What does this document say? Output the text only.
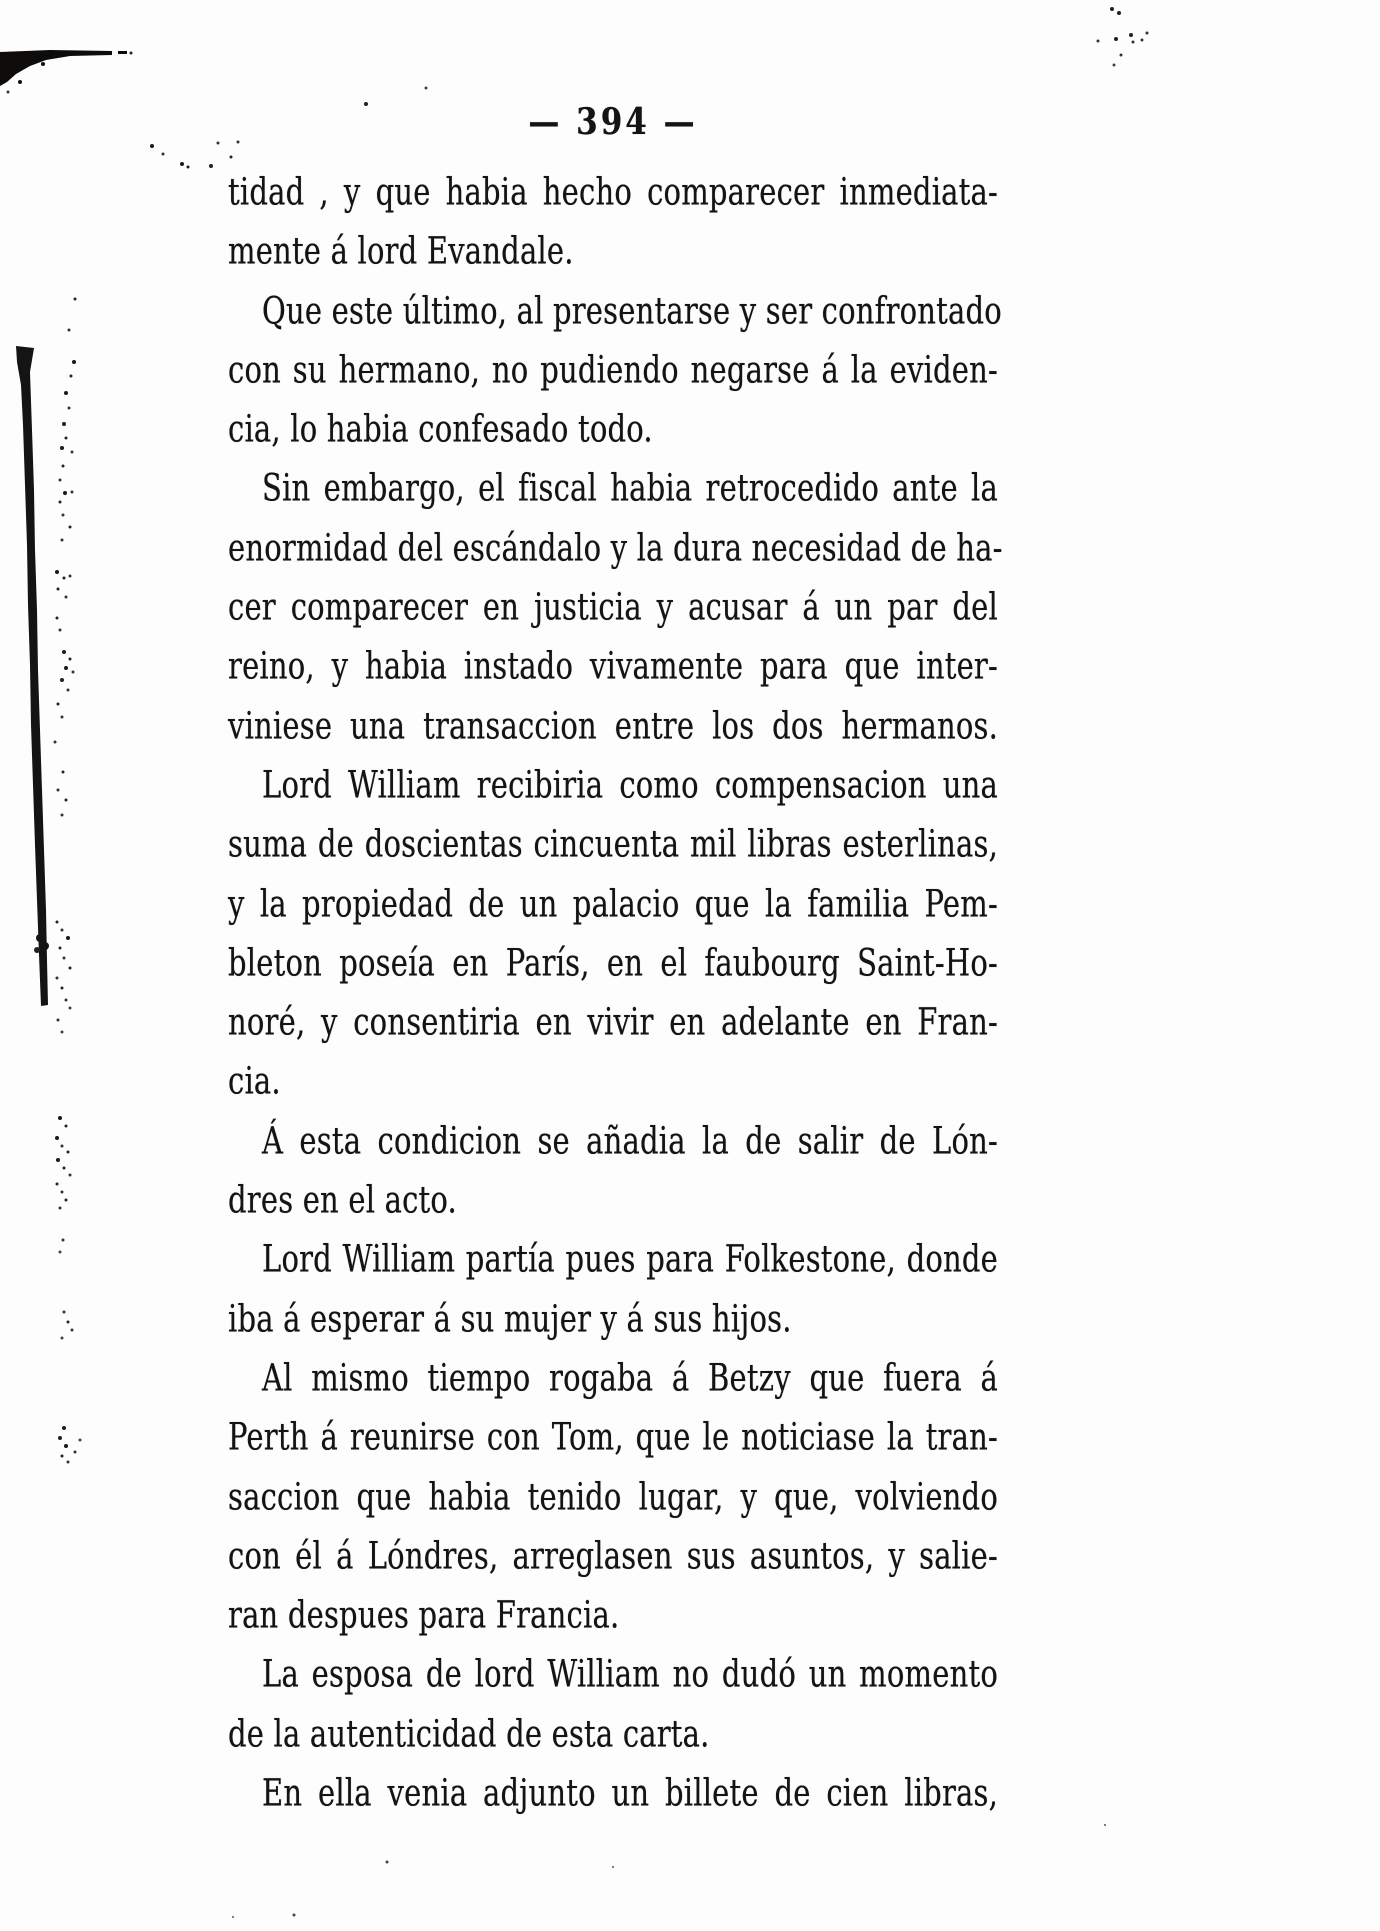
— 394 —
tidad , y que habia hecho comparecer inmediata-
mente á lord Evandale.
Que este último, al presentarse y ser confrontado
con su hermano, no pudiendo negarse á la eviden-
cia, lo habia confesado todo.
Sin embargo, el fiscal habia retrocedido ante la
enormidad del escándalo y la dura necesidad de ha-
cer comparecer en justicia y acusar á un par del
reino, y habia instado vivamente para que inter-
viniese una transaccion entre los dos hermanos.
Lord William recibiria como compensacion una
suma de doscientas cincuenta mil libras esterlinas,
y la propiedad de un palacio que la familia Pem-
bleton poseía en París, en el faubourg Saint-Ho-
noré, y consentiria en vivir en adelante en Fran-
cia.
Á esta condicion se añadia la de salir de Lón-
dres en el acto.
Lord William partía pues para Folkestone, donde
iba á esperar á su mujer y á sus hijos.
Al mismo tiempo rogaba á Betzy que fuera á
Perth á reunirse con Tom, que le noticiase la tran-
saccion que habia tenido lugar, y que, volviendo
con él á Lóndres, arreglasen sus asuntos, y salie-
ran despues para Francia.
La esposa de lord William no dudó un momento
de la autenticidad de esta carta.
En ella venia adjunto un billete de cien libras,
